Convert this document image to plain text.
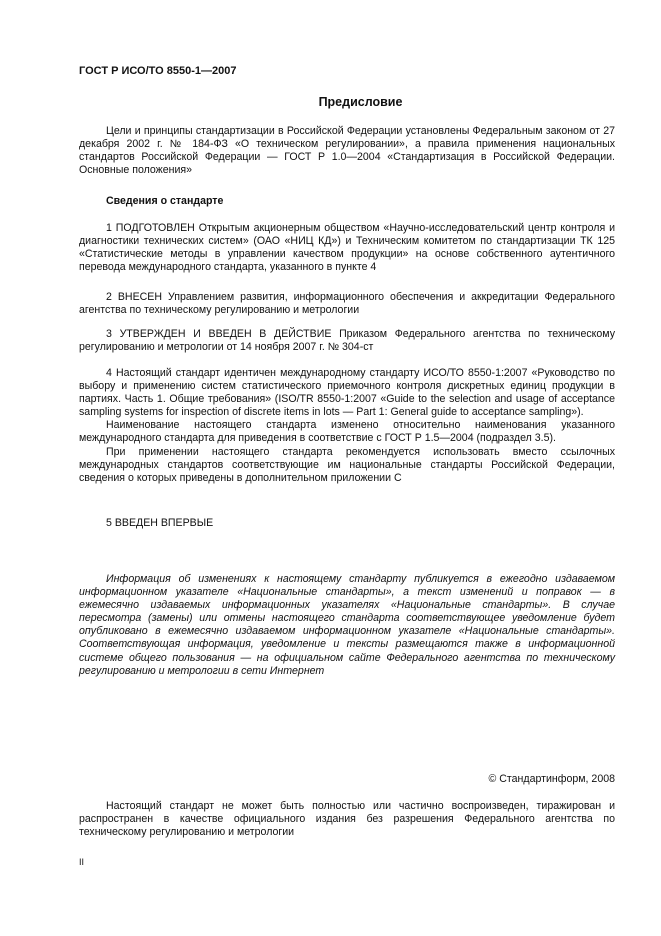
ГОСТ Р ИСО/ТО 8550-1—2007
Предисловие

Цели и принципы стандартизации в Российской Федерации установлены Федеральным законом от 27 декабря 2002 г. № 184-ФЗ «О техническом регулировании», а правила применения национальных стандартов Российской Федерации — ГОСТ Р 1.0—2004 «Стандартизация в Российской Федерации. Основные положения»

Сведения о стандарте

1 ПОДГОТОВЛЕН Открытым акционерным обществом «Научно-исследовательский центр контроля и диагностики технических систем» (ОАО «НИЦ КД») и Техническим комитетом по стандартизации ТК 125 «Статистические методы в управлении качеством продукции» на основе собственного аутентичного перевода международного стандарта, указанного в пункте 4

2 ВНЕСЕН Управлением развития, информационного обеспечения и аккредитации Федерального агентства по техническому регулированию и метрологии

3 УТВЕРЖДЕН И ВВЕДЕН В ДЕЙСТВИЕ Приказом Федерального агентства по техническому регулированию и метрологии от 14 ноября 2007 г. № 304-ст

4 Настоящий стандарт идентичен международному стандарту ИСО/ТО 8550-1:2007 «Руководство по выбору и применению систем статистического приемочного контроля дискретных единиц продукции в партиях. Часть 1. Общие требования» (ISO/TR 8550-1:2007 «Guide to the selection and usage of acceptance sampling systems for inspection of discrete items in lots — Part 1: General guide to acceptance sampling»).

Наименование настоящего стандарта изменено относительно наименования указанного международного стандарта для приведения в соответствие с ГОСТ Р 1.5—2004 (подраздел 3.5).

При применении настоящего стандарта рекомендуется использовать вместо ссылочных международных стандартов соответствующие им национальные стандарты Российской Федерации, сведения о которых приведены в дополнительном приложении С

5 ВВЕДЕН ВПЕРВЫЕ

Информация об изменениях к настоящему стандарту публикуется в ежегодно издаваемом информационном указателе «Национальные стандарты», а текст изменений и поправок — в ежемесячно издаваемых информационных указателях «Национальные стандарты». В случае пересмотра (замены) или отмены настоящего стандарта соответствующее уведомление будет опубликовано в ежемесячно издаваемом информационном указателе «Национальные стандарты». Соответствующая информация, уведомление и тексты размещаются также в информационной системе общего пользования — на официальном сайте Федерального агентства по техническому регулированию и метрологии в сети Интернет

© Стандартинформ, 2008

Настоящий стандарт не может быть полностью или частично воспроизведен, тиражирован и распространен в качестве официального издания без разрешения Федерального агентства по техническому регулированию и метрологии

II
